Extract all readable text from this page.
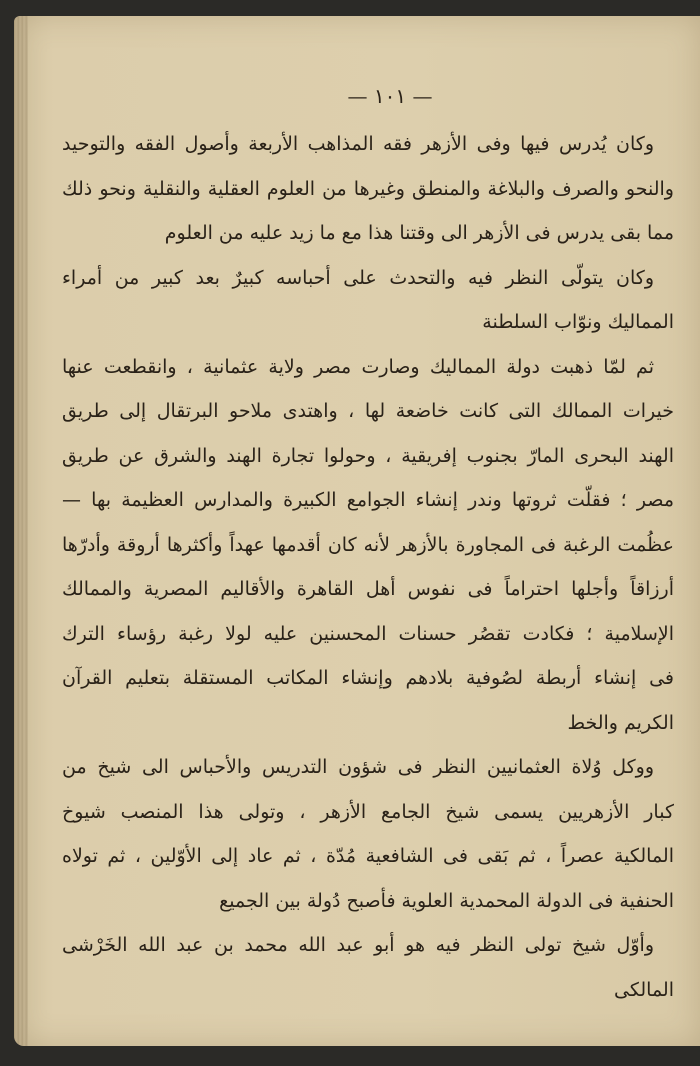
— ١٠١ —
وكان يُدرس فيها وفى الأزهر فقه المذاهب الأربعة وأصول الفقه والتوحيد
والنحو والصرف والبلاغة والمنطق وغيرها من العلوم العقلية والنقلية ونحو ذلك
مما بقى يدرس فى الأزهر الى وقتنا هذا مع ما زيد عليه من العلوم
وكان يتولّى النظر فيه والتحدث على أحباسه كبيرٌ بعد كبير من أمراء
المماليك ونوّاب السلطنة
ثم لمّا ذهبت دولة المماليك وصارت مصر ولاية عثمانية ، وانقطعت عنها
خيرات الممالك التى كانت خاضعة لها ، واهتدى ملاحو البرتقال إلى طريق
الهند البحرى المارّ بجنوب إفريقية ، وحولوا تجارة الهند والشرق عن طريق
مصر ؛ فقلّت ثروتها وندر إنشاء الجوامع الكبيرة والمدارس العظيمة بها —
عظُمت الرغبة فى المجاورة بالأزهر لأنه كان أقدمها عهداً وأكثرها أروقة وأدرّها
أرزاقاً وأجلها احتراماً فى نفوس أهل القاهرة والأقاليم المصرية والممالك
الإسلامية ؛ فكادت تقصُر حسنات المحسنين عليه لولا رغبة رؤساء الترك
فى إنشاء أربطة لصُوفية بلادهم وإنشاء المكاتب المستقلة بتعليم القرآن
الكريم والخط
ووكل وُلاة العثمانيين النظر فى شؤون التدريس والأحباس الى شيخ من
كبار الأزهريين يسمى شيخ الجامع الأزهر ، وتولى هذا المنصب شيوخ
المالكية عصراً ، ثم بَقى فى الشافعية مُدّة ، ثم عاد إلى الأوّلين ، ثم تولاه
الحنفية فى الدولة المحمدية العلوية فأصبح دُولة بين الجميع
وأوّل شيخ تولى النظر فيه هو أبو عبد الله محمد بن عبد الله الخَرْشى
المالكى
